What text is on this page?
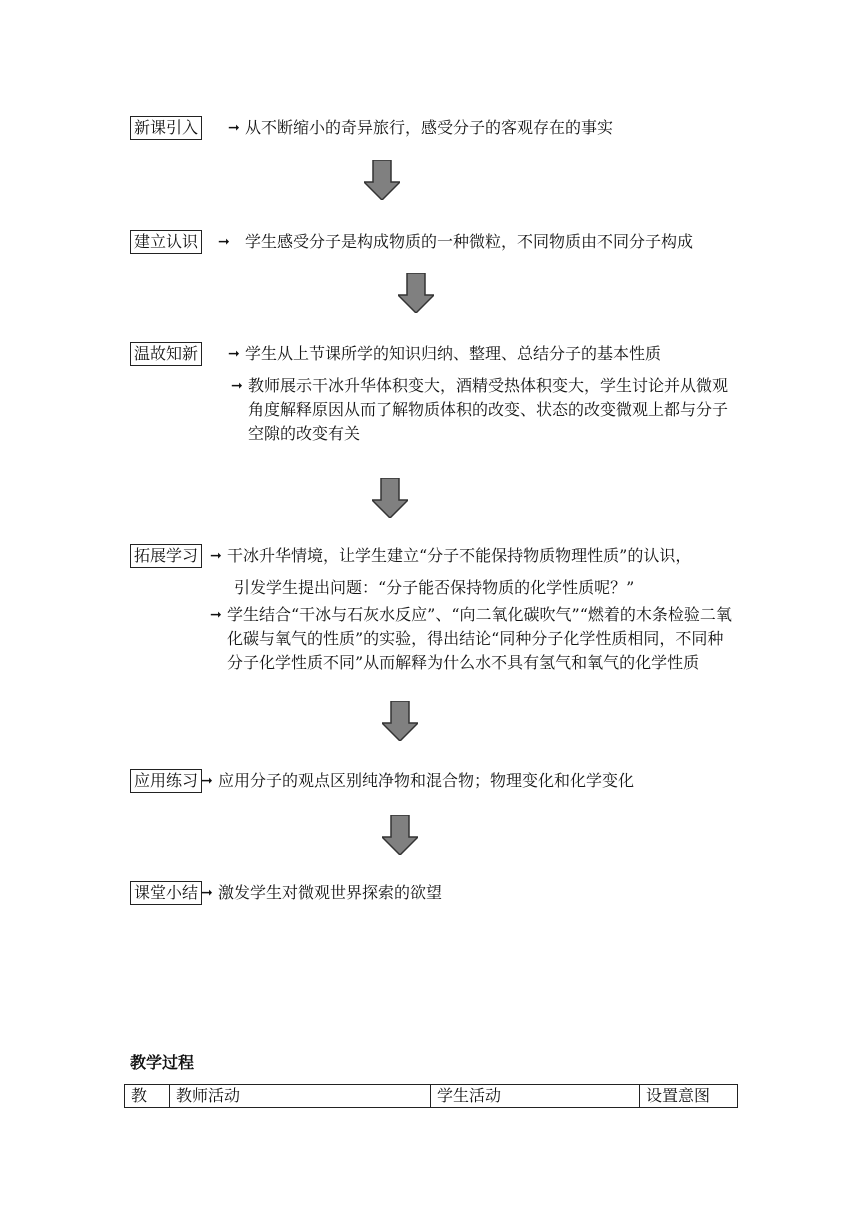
新课引入 ➞ 从不断缩小的奇异旅行，感受分子的客观存在的事实
建立认识 ➞ 学生感受分子是构成物质的一种微粒，不同物质由不同分子构成
温故知新 ➞ 学生从上节课所学的知识归纳、整理、总结分子的基本性质
➞ 教师展示干冰升华体积变大，酒精受热体积变大，学生讨论并从微观角度解释原因从而了解物质体积的改变、状态的改变微观上都与分子空隙的改变有关
拓展学习 ➞ 干冰升华情境，让学生建立“分子不能保持物质物理性质”的认识，
引发学生提出问题：“分子能否保持物质的化学性质呢？”
➞ 学生结合“干冰与石灰水反应”、“向二氧化碳吹气”“燃着的木条检验二氧化碳与氧气的性质”的实验，得出结论“同种分子化学性质相同，不同种分子化学性质不同”从而解释为什么水不具有氢气和氧气的化学性质
应用练习 ➞ 应用分子的观点区别纯净物和混合物；物理变化和化学变化
课堂小结 ➞ 激发学生对微观世界探索的欲望
教学过程
教	教师活动	学生活动	设置意图
